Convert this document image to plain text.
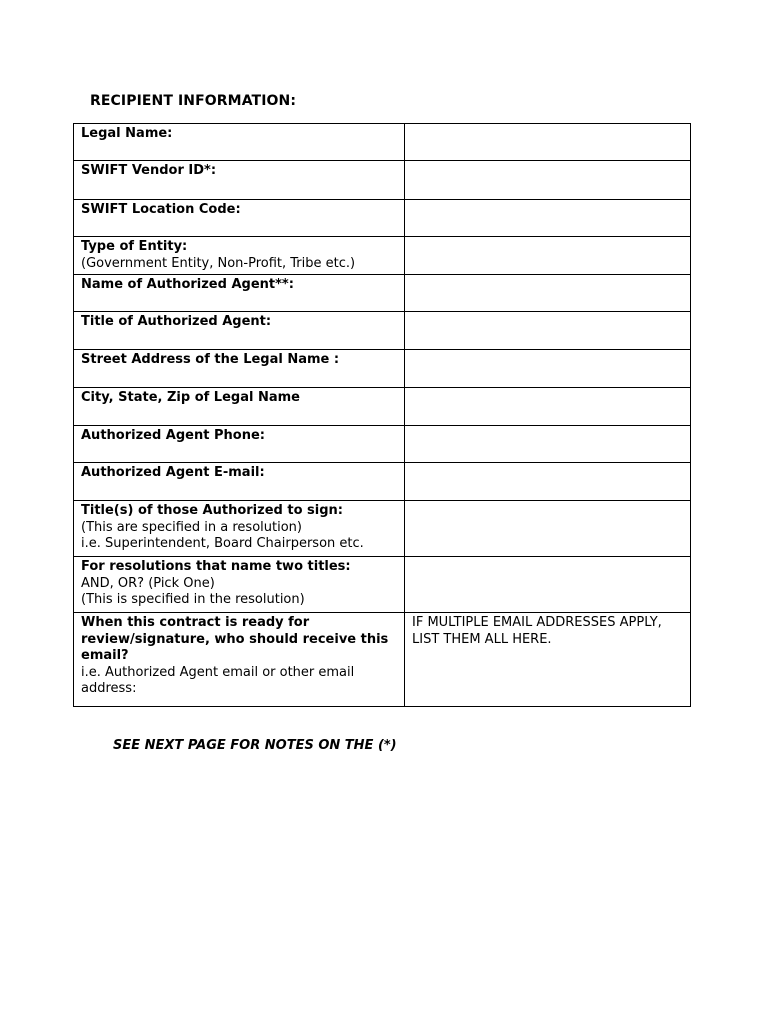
RECIPIENT INFORMATION:
Legal Name:	

SWIFT Vendor ID*:	

SWIFT Location Code:	

Type of Entity:
(Government Entity, Non-Profit, Tribe etc.)	

Name of Authorized Agent**:	

Title of Authorized Agent:	

Street Address of the Legal Name :	

City, State, Zip of Legal Name	

Authorized Agent Phone:	

Authorized Agent E-mail:	

Title(s) of those Authorized to sign:
(This are specified in a resolution)
i.e. Superintendent, Board Chairperson etc.	

For resolutions that name two titles:
AND, OR? (Pick One)
(This is specified in the resolution)	

When this contract is ready for review/signature, who should receive this email?
i.e. Authorized Agent email or other email address:	IF MULTIPLE EMAIL ADDRESSES APPLY, LIST THEM ALL HERE.
SEE NEXT PAGE FOR NOTES ON THE (*)
